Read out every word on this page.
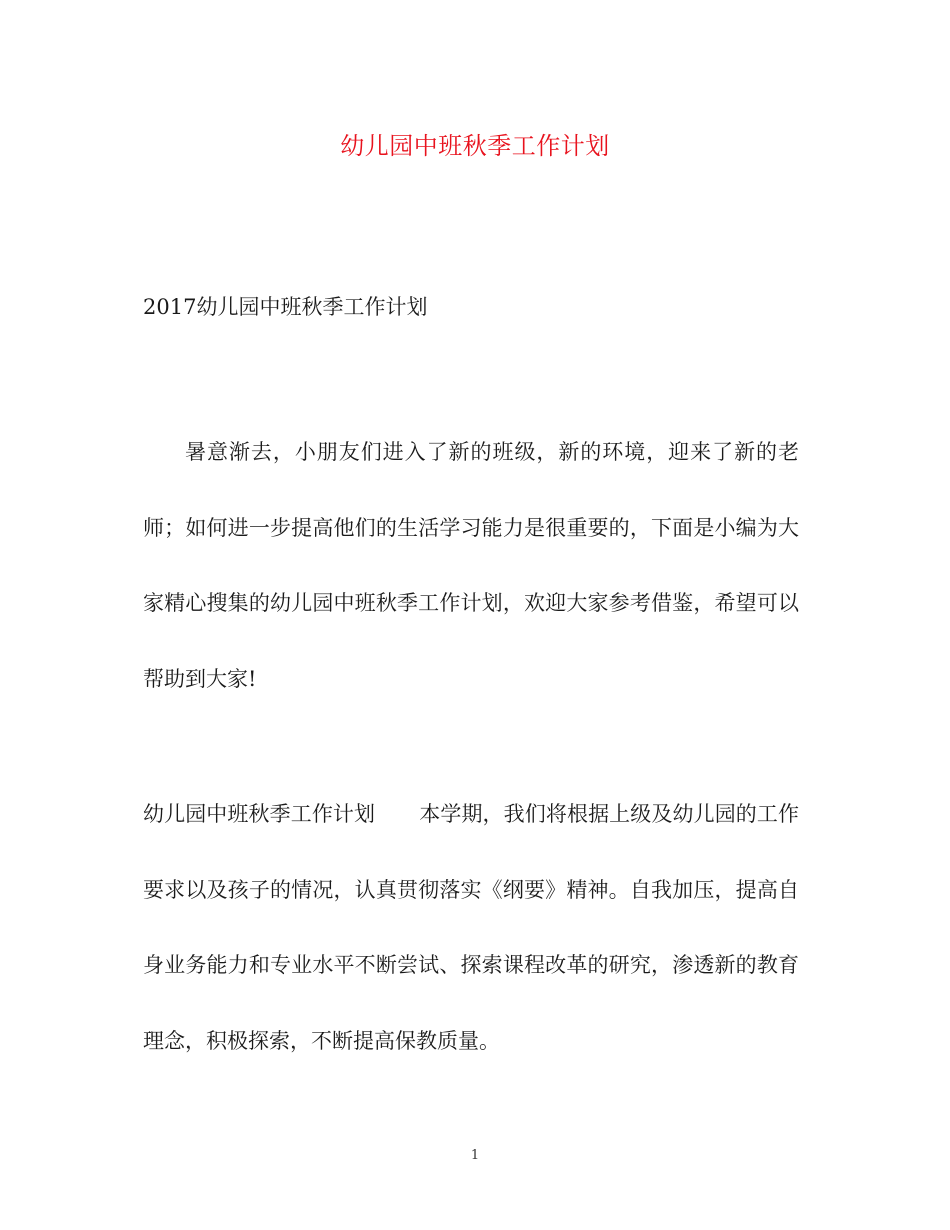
幼儿园中班秋季工作计划
2017幼儿园中班秋季工作计划
暑意渐去，小朋友们进入了新的班级，新的环境，迎来了新的老师；如何进一步提高他们的生活学习能力是很重要的，下面是小编为大家精心搜集的幼儿园中班秋季工作计划，欢迎大家参考借鉴，希望可以帮助到大家!
幼儿园中班秋季工作计划 本学期，我们将根据上级及幼儿园的工作要求以及孩子的情况，认真贯彻落实《纲要》精神。自我加压，提高自身业务能力和专业水平不断尝试、探索课程改革的研究，渗透新的教育理念，积极探索，不断提高保教质量。
1
